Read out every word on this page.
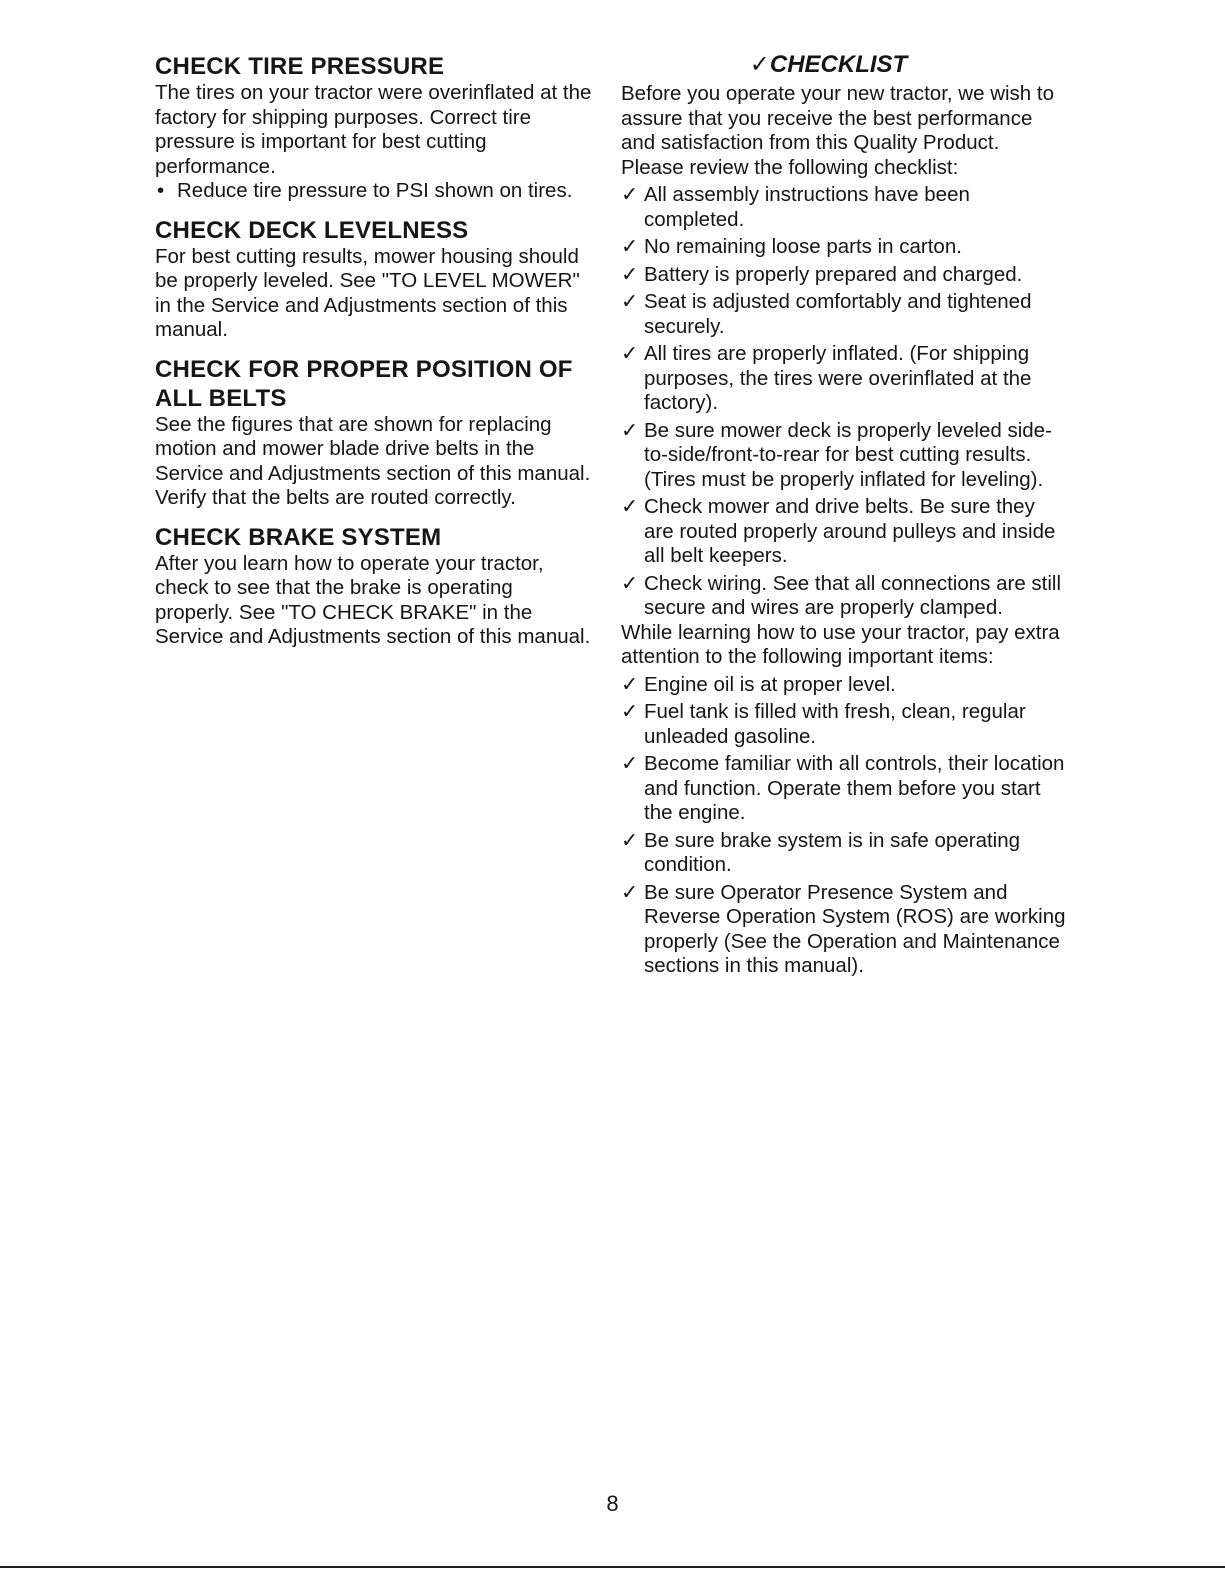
CHECK TIRE PRESSURE

The tires on your tractor were overinflated at the factory for shipping purposes. Correct tire pressure is important for best cutting performance.

• Reduce tire pressure to PSI shown on tires.
CHECK DECK LEVELNESS

For best cutting results, mower housing should be properly leveled. See "TO LEVEL MOWER" in the Service and Adjustments section of this manual.

CHECK FOR PROPER POSITION OF ALL BELTS

See the figures that are shown for replacing motion and mower blade drive belts in the Service and Adjustments section of this manual. Verify that the belts are routed correctly.

CHECK BRAKE SYSTEM

After you learn how to operate your tractor, check to see that the brake is operating properly. See "TO CHECK BRAKE" in the Service and Adjustments section of this manual.

✓CHECKLIST

Before you operate your new tractor, we wish to assure that you receive the best performance and satisfaction from this Quality Product.

Please review the following checklist:

✓ All assembly instructions have been completed.
✓ No remaining loose parts in carton.
✓ Battery is properly prepared and charged.
✓ Seat is adjusted comfortably and tightened securely.
✓ All tires are properly inflated. (For shipping purposes, the tires were overinflated at the factory).
✓ Be sure mower deck is properly leveled side-to-side/front-to-rear for best cutting results. (Tires must be properly inflated for leveling).
✓ Check mower and drive belts. Be sure they are routed properly around pulleys and inside all belt keepers.
✓ Check wiring. See that all connections are still secure and wires are properly clamped.

While learning how to use your tractor, pay extra attention to the following important items:

✓ Engine oil is at proper level.
✓ Fuel tank is filled with fresh, clean, regular unleaded gasoline.
✓ Become familiar with all controls, their location and function. Operate them before you start the engine.
✓ Be sure brake system is in safe operating condition.
✓ Be sure Operator Presence System and Reverse Operation System (ROS) are working properly (See the Operation and Maintenance sections in this manual).
8
